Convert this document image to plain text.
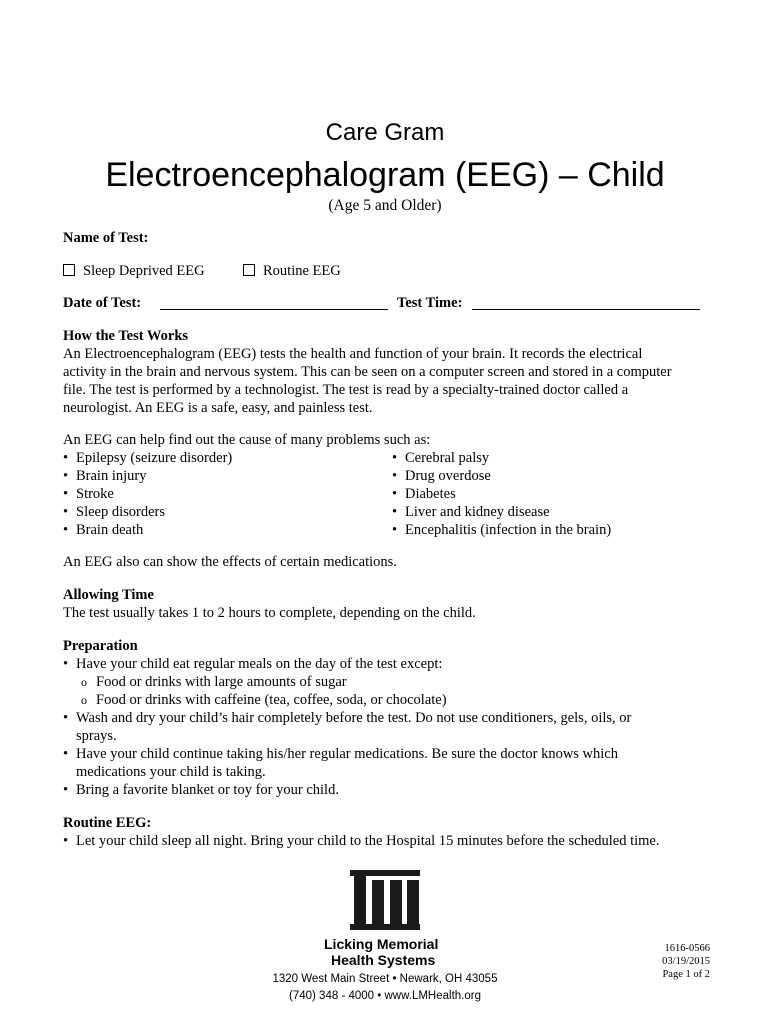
Care Gram
Electroencephalogram (EEG) – Child
(Age 5 and Older)
Name of Test:
Sleep Deprived EEG	Routine EEG
Date of Test:	Test Time:
How the Test Works
An Electroencephalogram (EEG) tests the health and function of your brain. It records the electrical
activity in the brain and nervous system. This can be seen on a computer screen and stored in a computer
file. The test is performed by a technologist. The test is read by a specialty-trained doctor called a
neurologist. An EEG is a safe, easy, and painless test.
An EEG can help find out the cause of many problems such as:
• Epilepsy (seizure disorder)
• Brain injury
• Stroke
• Sleep disorders
• Brain death
• Cerebral palsy
• Drug overdose
• Diabetes
• Liver and kidney disease
• Encephalitis (infection in the brain)
An EEG also can show the effects of certain medications.
Allowing Time
The test usually takes 1 to 2 hours to complete, depending on the child.
Preparation
• Have your child eat regular meals on the day of the test except:
o Food or drinks with large amounts of sugar
o Food or drinks with caffeine (tea, coffee, soda, or chocolate)
• Wash and dry your child’s hair completely before the test. Do not use conditioners, gels, oils, or
sprays.
• Have your child continue taking his/her regular medications. Be sure the doctor knows which
medications your child is taking.
• Bring a favorite blanket or toy for your child.
Routine EEG:
• Let your child sleep all night. Bring your child to the Hospital 15 minutes before the scheduled time.
Licking Memorial
Health Systems
1320 West Main Street • Newark, OH 43055
(740) 348 - 4000 • www.LMHealth.org
1616-0566
03/19/2015
Page 1 of 2
